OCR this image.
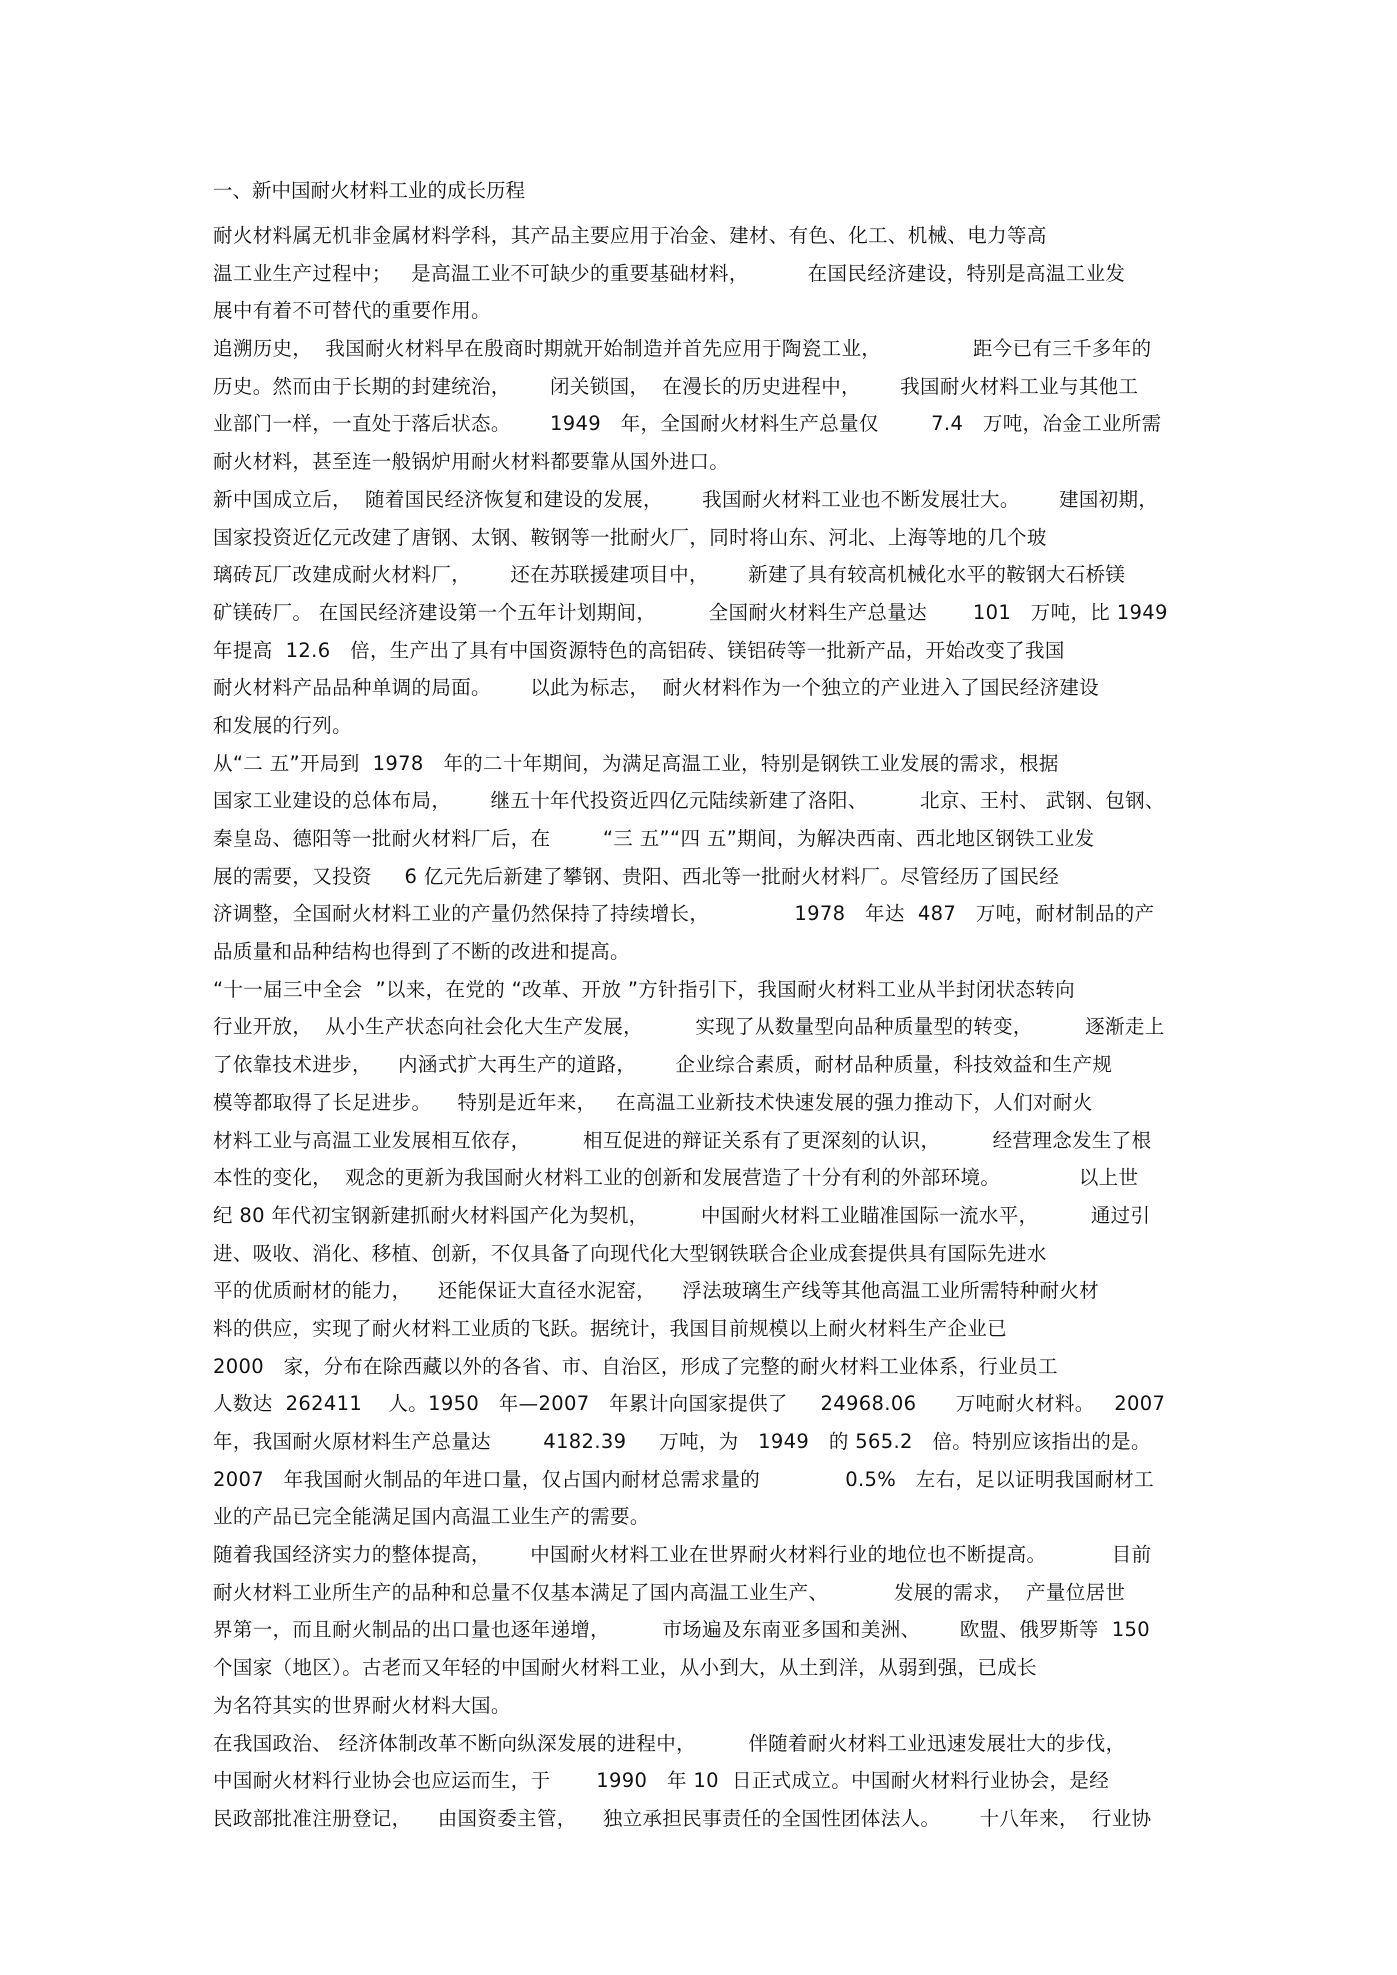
一、新中国耐火材料工业的成长历程
耐火材料属无机非金属材料学科，其产品主要应用于冶金、建材、有色、化工、机械、电力等高
温工业生产过程中；   是高温工业不可缺少的重要基础材料，         在国民经济建设，特别是高温工业发
展中有着不可替代的重要作用。
追溯历史，  我国耐火材料早在殷商时期就开始制造并首先应用于陶瓷工业，              距今已有三千多年的
历史。然而由于长期的封建统治，      闭关锁国，  在漫长的历史进程中，      我国耐火材料工业与其他工
业部门一样，一直处于落后状态。      1949   年，全国耐火材料生产总量仅        7.4   万吨，冶金工业所需
耐火材料，甚至连一般锅炉用耐火材料都要靠从国外进口。
新中国成立后，  随着国民经济恢复和建设的发展，      我国耐火材料工业也不断发展壮大。      建国初期，
国家投资近亿元改建了唐钢、太钢、鞍钢等一批耐火厂，同时将山东、河北、上海等地的几个玻
璃砖瓦厂改建成耐火材料厂，      还在苏联援建项目中，      新建了具有较高机械化水平的鞍钢大石桥镁
矿镁砖厂。 在国民经济建设第一个五年计划期间，        全国耐火材料生产总量达       101   万吨，比 1949
年提高  12.6   倍，生产出了具有中国资源特色的高铝砖、镁铝砖等一批新产品，开始改变了我国
耐火材料产品品种单调的局面。      以此为标志，  耐火材料作为一个独立的产业进入了国民经济建设
和发展的行列。
从“二 五”开局到  1978   年的二十年期间，为满足高温工业，特别是钢铁工业发展的需求，根据
国家工业建设的总体布局，      继五十年代投资近四亿元陆续新建了洛阳、        北京、王村、 武钢、包钢、
秦皇岛、德阳等一批耐火材料厂后，在        “三 五”“四 五”期间，为解决西南、西北地区钢铁工业发
展的需要，又投资     6 亿元先后新建了攀钢、贵阳、西北等一批耐火材料厂。尽管经历了国民经
济调整，全国耐火材料工业的产量仍然保持了持续增长，             1978   年达  487   万吨，耐材制品的产
品质量和品种结构也得到了不断的改进和提高。
“十一届三中全会  ”以来，在党的 “改革、开放 ”方针指引下，我国耐火材料工业从半封闭状态转向
行业开放，  从小生产状态向社会化大生产发展，        实现了从数量型向品种质量型的转变，        逐渐走上
了依靠技术进步，    内涵式扩大再生产的道路，      企业综合素质，耐材品种质量，科技效益和生产规
模等都取得了长足进步。    特别是近年来，   在高温工业新技术快速发展的强力推动下，人们对耐火
材料工业与高温工业发展相互依存，        相互促进的辩证关系有了更深刻的认识，        经营理念发生了根
本性的变化，  观念的更新为我国耐火材料工业的创新和发展营造了十分有利的外部环境。            以上世
纪 80 年代初宝钢新建抓耐火材料国产化为契机，        中国耐火材料工业瞄准国际一流水平，        通过引
进、吸收、消化、移植、创新，不仅具备了向现代化大型钢铁联合企业成套提供具有国际先进水
平的优质耐材的能力，    还能保证大直径水泥窑，    浮法玻璃生产线等其他高温工业所需特种耐火材
料的供应，实现了耐火材料工业质的飞跃。据统计，我国目前规模以上耐火材料生产企业已
2000   家，分布在除西藏以外的各省、市、自治区，形成了完整的耐火材料工业体系，行业员工
人数达  262411    人。1950   年—2007   年累计向国家提供了     24968.06      万吨耐火材料。   2007
年，我国耐火原材料生产总量达        4182.39     万吨，为   1949   的 565.2   倍。特别应该指出的是。
2007   年我国耐火制品的年进口量，仅占国内耐材总需求量的             0.5%   左右，足以证明我国耐材工
业的产品已完全能满足国内高温工业生产的需要。
随着我国经济实力的整体提高，      中国耐火材料工业在世界耐火材料行业的地位也不断提高。          目前
耐火材料工业所生产的品种和总量不仅基本满足了国内高温工业生产、          发展的需求，  产量位居世
界第一，而且耐火制品的出口量也逐年递增，        市场遍及东南亚多国和美洲、      欧盟、俄罗斯等  150
个国家（地区）。古老而又年轻的中国耐火材料工业，从小到大，从土到洋，从弱到强，已成长
为名符其实的世界耐火材料大国。
在我国政治、 经济体制改革不断向纵深发展的进程中，        伴随着耐火材料工业迅速发展壮大的步伐，
中国耐火材料行业协会也应运而生，于       1990   年 10  日正式成立。中国耐火材料行业协会，是经
民政部批准注册登记，    由国资委主管，    独立承担民事责任的全国性团体法人。      十八年来，  行业协
